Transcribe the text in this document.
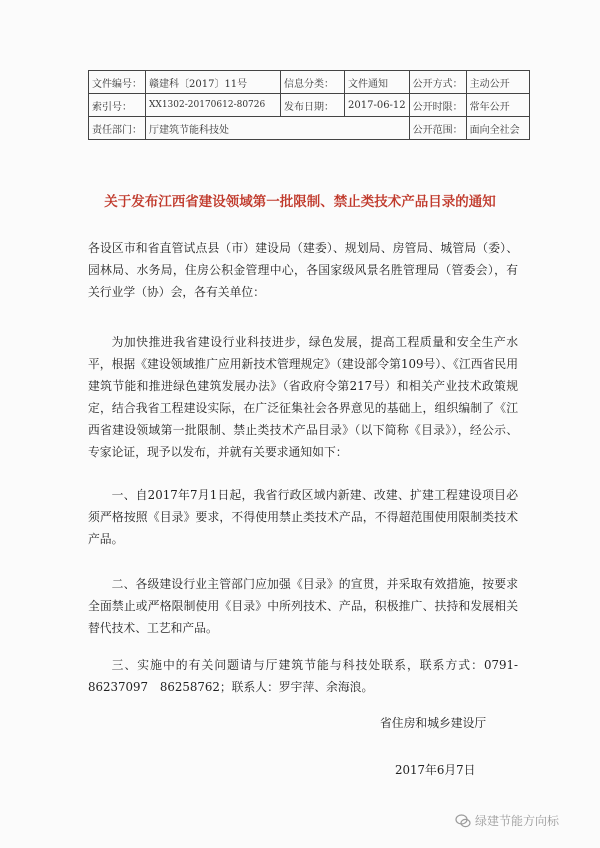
文件编号：	赣建科〔2017〕11号	信息分类：	文件通知	公开方式：	主动公开
索引号：	XX1302-20170612-80726	发布日期：	2017-06-12	公开时限：	常年公开
责任部门：	厅建筑节能科技处			公开范围：	面向全社会
关于发布江西省建设领域第一批限制、禁止类技术产品目录的通知
各设区市和省直管试点县（市）建设局（建委）、规划局、房管局、城管局（委）、园林局、水务局，住房公积金管理中心，各国家级风景名胜管理局（管委会），有关行业学（协）会，各有关单位：
为加快推进我省建设行业科技进步，绿色发展，提高工程质量和安全生产水平，根据《建设领域推广应用新技术管理规定》（建设部令第109号）、《江西省民用建筑节能和推进绿色建筑发展办法》（省政府令第217号）和相关产业技术政策规定，结合我省工程建设实际，在广泛征集社会各界意见的基础上，组织编制了《江西省建设领域第一批限制、禁止类技术产品目录》（以下简称《目录》），经公示、专家论证，现予以发布，并就有关要求通知如下：
一、自2017年7月1日起，我省行政区域内新建、改建、扩建工程建设项目必须严格按照《目录》要求，不得使用禁止类技术产品，不得超范围使用限制类技术产品。
二、各级建设行业主管部门应加强《目录》的宣贯，并采取有效措施，按要求全面禁止或严格限制使用《目录》中所列技术、产品，积极推广、扶持和发展相关替代技术、工艺和产品。
三、实施中的有关问题请与厅建筑节能与科技处联系，联系方式：0791-86237097　86258762；联系人：罗宇萍、余海浪。
省住房和城乡建设厅
2017年6月7日
绿建节能方向标
